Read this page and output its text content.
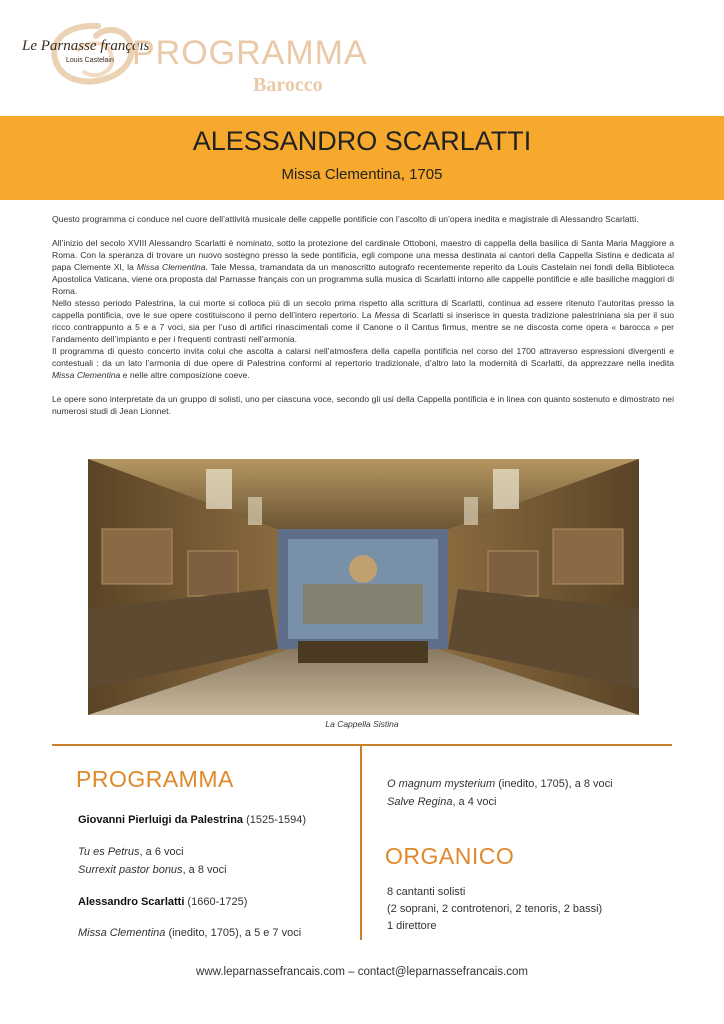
Le Parnasse français
Louis Castelain PROGRAMMA
Barocco
ALESSANDRO SCARLATTI
Missa Clementina, 1705

Questo programma ci conduce nel cuore dell’attività musicale delle cappelle pontificie con l’ascolto di un’opera inedita e magistrale di Alessandro Scarlatti.

All’inizio del secolo XVIII Alessandro Scarlatti è nominato, sotto la protezione del cardinale Ottoboni, maestro di cappella della basilica di Santa Maria Maggiore a Roma. Con la speranza di trovare un nuovo sostegno presso la sede pontificia, egli compone una messa destinata ai cantori della Cappella Sistina e dedicata al papa Clemente XI, la Missa Clementina. Tale Messa, tramandata da un manoscritto autografo recentemente reperito da Louis Castelain nei fondi della Biblioteca Apostolica Vaticana, viene ora proposta dal Parnasse français con un programma sulla musica di Scarlatti intorno alle cappelle pontificie e alle basiliche maggiori di Roma.

Nello stesso periodo Palestrina, la cui morte si colloca più di un secolo prima rispetto alla scrittura di Scarlatti, continua ad essere ritenuto l’autoritas presso la cappella pontificia, ove le sue opere costituiscono il perno dell’intero repertorio. La Messa di Scarlatti si inserisce in questa tradizione palestriniana sia per il suo ricco contrappunto a 5 e a 7 voci, sia per l’uso di artifici rinascimentali come il Canone o il Cantus firmus, mentre se ne discosta come opera « barocca » per l’andamento dell’impianto e per i frequenti contrasti nell’armonia.

Il programma di questo concerto invita colui che ascolta a calarsi nell’atmosfera della capella pontificia nel corso del 1700 attraverso espressioni divergenti e contestuali : da un lato l’armonia di due opere di Palestrina conformi al repertorio tradizionale, d’altro lato la modernità di Scarlatti, da apprezzare nella inedita Missa Clementina e nelle altre composizione coeve.

Le opere sono interpretate da un gruppo di solisti, uno per ciascuna voce, secondo gli usi della Cappella pontificia e in linea con quanto sostenuto e dimostrato nei numerosi studi di Jean Lionnet.

La Cappella Sistina
PROGRAMMA
Giovanni Pierluigi da Palestrina (1525-1594)
Tu es Petrus, a 6 voci
Surrexit pastor bonus, a 8 voci
Alessandro Scarlatti (1660-1725)
Missa Clementina (inedito, 1705), a 5 e 7 voci
O magnum mysterium (inedito, 1705), a 8 voci
Salve Regina, a 4 voci
ORGANICO
8 cantanti solisti
(2 soprani, 2 controtenori, 2 tenoris, 2 bassi)
1 direttore
www.leparnassefrancais.com – contact@leparnassefrancais.com
